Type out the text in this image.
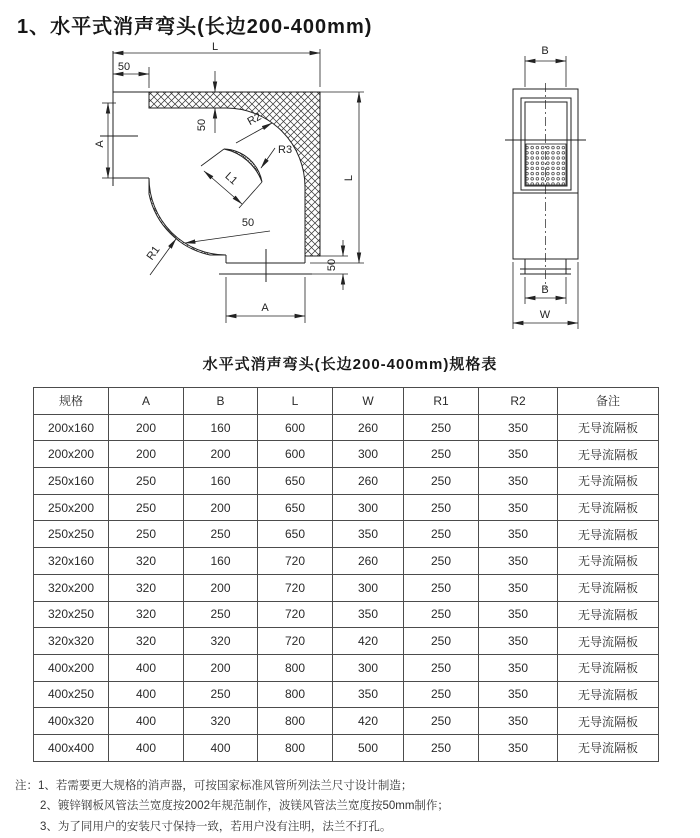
1、水平式消声弯头(长边200-400mm)
L
50
A
50	R2
R3
L1
R1
50
A
50
L
B
B
W
水平式消声弯头(长边200-400mm)规格表
规格	A	B	L	W	R1	R2	备注
200x160	200	160	600	260	250	350	无导流隔板
200x200	200	200	600	300	250	350	无导流隔板
250x160	250	160	650	260	250	350	无导流隔板
250x200	250	200	650	300	250	350	无导流隔板
250x250	250	250	650	350	250	350	无导流隔板
320x160	320	160	720	260	250	350	无导流隔板
320x200	320	200	720	300	250	350	无导流隔板
320x250	320	250	720	350	250	350	无导流隔板
320x320	320	320	720	420	250	350	无导流隔板
400x200	400	200	800	300	250	350	无导流隔板
400x250	400	250	800	350	250	350	无导流隔板
400x320	400	320	800	420	250	350	无导流隔板
400x400	400	400	800	500	250	350	无导流隔板
注：1、若需要更大规格的消声器，可按国家标准风管所列法兰尺寸设计制造；
2、镀锌钢板风管法兰宽度按2002年规范制作，波镁风管法兰宽度按50mm制作；
3、为了同用户的安装尺寸保持一致，若用户没有注明，法兰不打孔。
